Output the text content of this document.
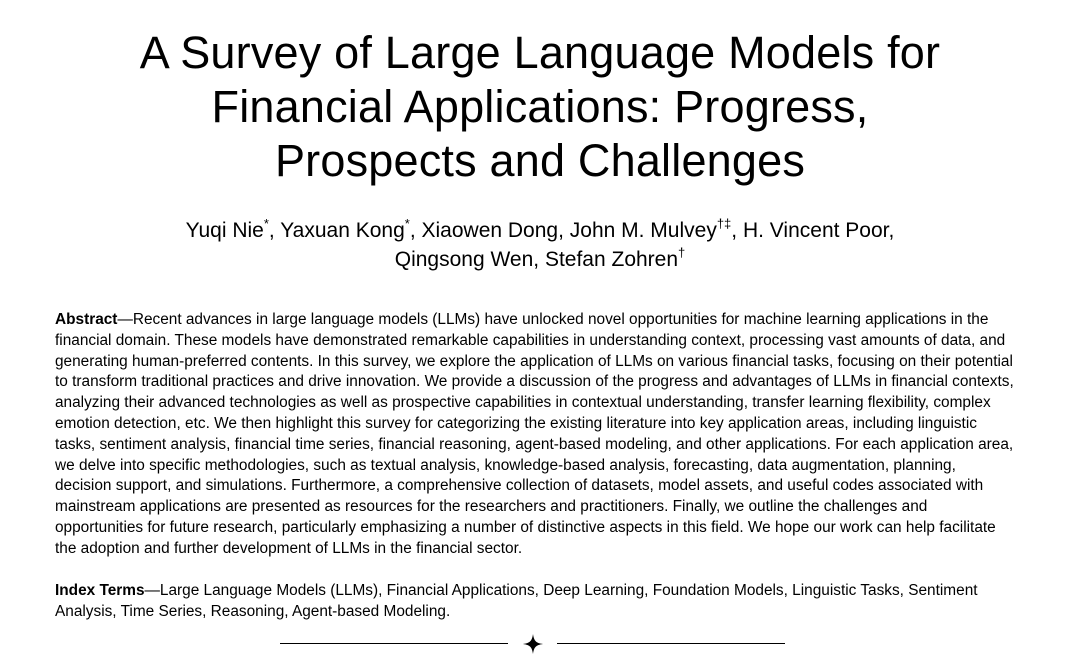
A Survey of Large Language Models for
Financial Applications: Progress,
Prospects and Challenges
Yuqi Nie*, Yaxuan Kong*, Xiaowen Dong, John M. Mulvey†‡, H. Vincent Poor,
Qingsong Wen, Stefan Zohren†

Abstract—Recent advances in large language models (LLMs) have unlocked novel opportunities for machine learning applications in the financial domain. These models have demonstrated remarkable capabilities in understanding context, processing vast amounts of data, and generating human-preferred contents. In this survey, we explore the application of LLMs on various financial tasks, focusing on their potential to transform traditional practices and drive innovation. We provide a discussion of the progress and advantages of LLMs in financial contexts, analyzing their advanced technologies as well as prospective capabilities in contextual understanding, transfer learning flexibility, complex emotion detection, etc. We then highlight this survey for categorizing the existing literature into key application areas, including linguistic tasks, sentiment analysis, financial time series, financial reasoning, agent-based modeling, and other applications. For each application area, we delve into specific methodologies, such as textual analysis, knowledge-based analysis, forecasting, data augmentation, planning, decision support, and simulations. Furthermore, a comprehensive collection of datasets, model assets, and useful codes associated with mainstream applications are presented as resources for the researchers and practitioners. Finally, we outline the challenges and opportunities for future research, particularly emphasizing a number of distinctive aspects in this field. We hope our work can help facilitate the adoption and further development of LLMs in the financial sector.

Index Terms—Large Language Models (LLMs), Financial Applications, Deep Learning, Foundation Models, Linguistic Tasks, Sentiment Analysis, Time Series, Reasoning, Agent-based Modeling.
